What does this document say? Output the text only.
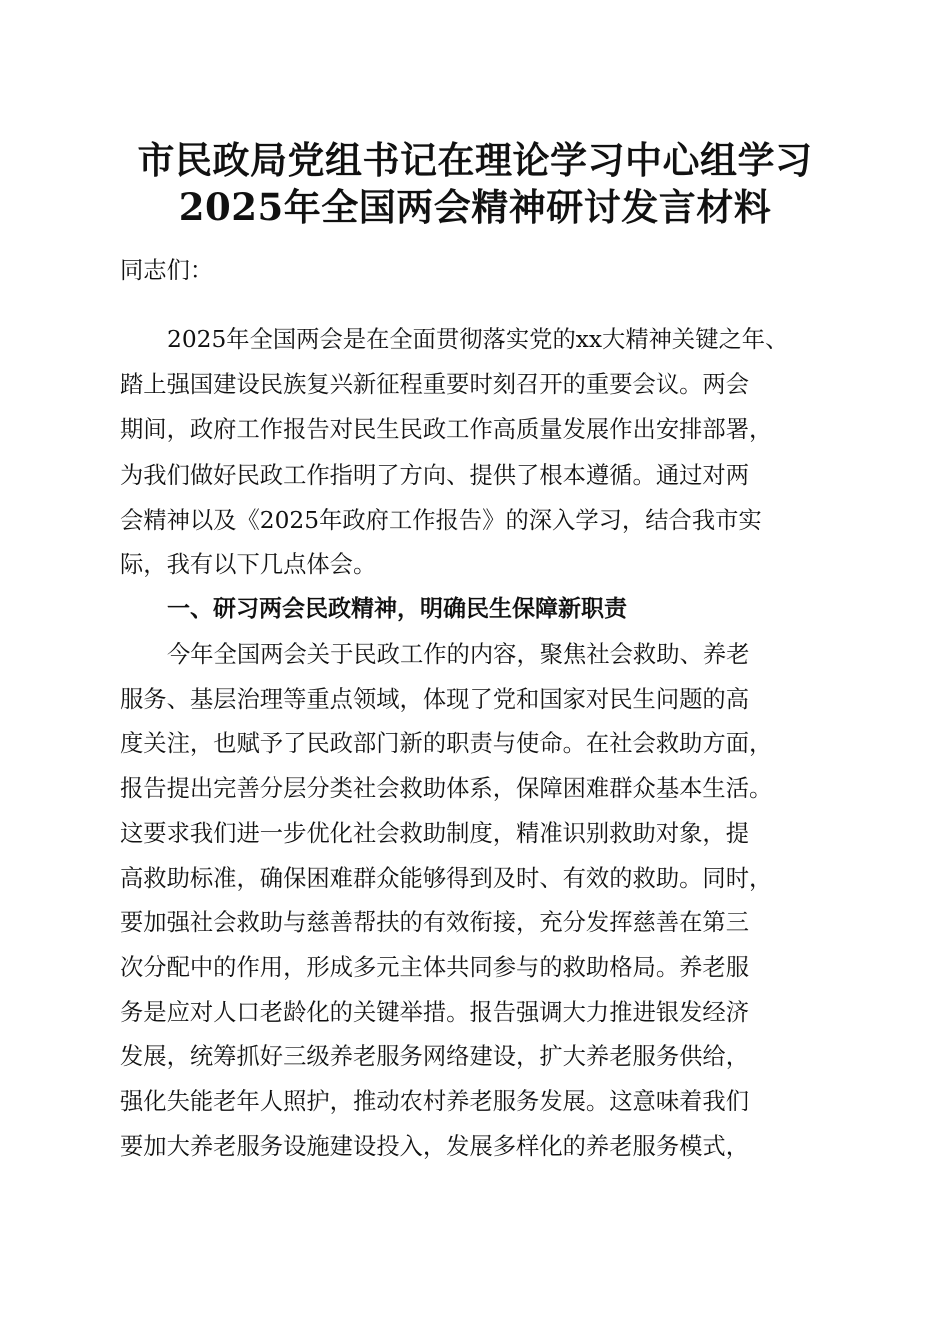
市民政局党组书记在理论学习中心组学习
2025年全国两会精神研讨发言材料
同志们：
2025年全国两会是在全面贯彻落实党的xx大精神关键之年、
踏上强国建设民族复兴新征程重要时刻召开的重要会议。两会
期间，政府工作报告对民生民政工作高质量发展作出安排部署，
为我们做好民政工作指明了方向、提供了根本遵循。通过对两
会精神以及《2025年政府工作报告》的深入学习，结合我市实
际，我有以下几点体会。
一、研习两会民政精神，明确民生保障新职责
今年全国两会关于民政工作的内容，聚焦社会救助、养老
服务、基层治理等重点领域，体现了党和国家对民生问题的高
度关注，也赋予了民政部门新的职责与使命。在社会救助方面，
报告提出完善分层分类社会救助体系，保障困难群众基本生活。
这要求我们进一步优化社会救助制度，精准识别救助对象，提
高救助标准，确保困难群众能够得到及时、有效的救助。同时，
要加强社会救助与慈善帮扶的有效衔接，充分发挥慈善在第三
次分配中的作用，形成多元主体共同参与的救助格局。养老服
务是应对人口老龄化的关键举措。报告强调大力推进银发经济
发展，统筹抓好三级养老服务网络建设，扩大养老服务供给，
强化失能老年人照护，推动农村养老服务发展。这意味着我们
要加大养老服务设施建设投入，发展多样化的养老服务模式，
